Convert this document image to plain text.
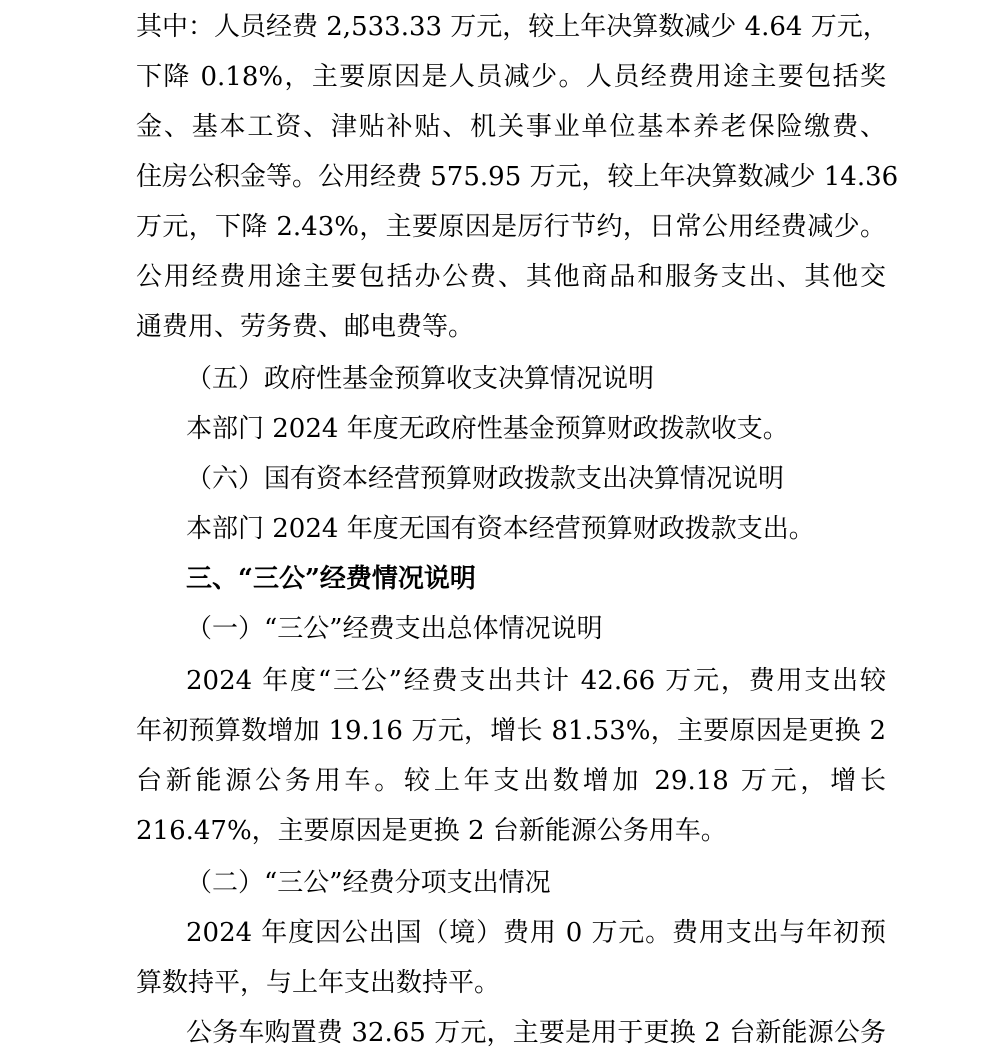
其中：人员经费 2,533.33 万元，较上年决算数减少 4.64 万元，
下降 0.18%，主要原因是人员减少。人员经费用途主要包括奖
金、基本工资、津贴补贴、机关事业单位基本养老保险缴费、
住房公积金等。公用经费 575.95 万元，较上年决算数减少 14.36
万元，下降 2.43%，主要原因是厉行节约，日常公用经费减少。
公用经费用途主要包括办公费、其他商品和服务支出、其他交
通费用、劳务费、邮电费等。
（五）政府性基金预算收支决算情况说明
本部门 2024 年度无政府性基金预算财政拨款收支。
（六）国有资本经营预算财政拨款支出决算情况说明
本部门 2024 年度无国有资本经营预算财政拨款支出。
三、“三公”经费情况说明
（一）“三公”经费支出总体情况说明
2024 年度“三公”经费支出共计 42.66 万元，费用支出较
年初预算数增加 19.16 万元，增长 81.53%，主要原因是更换 2
台新能源公务用车。较上年支出数增加 29.18 万元，增长
216.47%，主要原因是更换 2 台新能源公务用车。
（二）“三公”经费分项支出情况
2024 年度因公出国（境）费用 0 万元。费用支出与年初预
算数持平，与上年支出数持平。
公务车购置费 32.65 万元，主要是用于更换 2 台新能源公务
